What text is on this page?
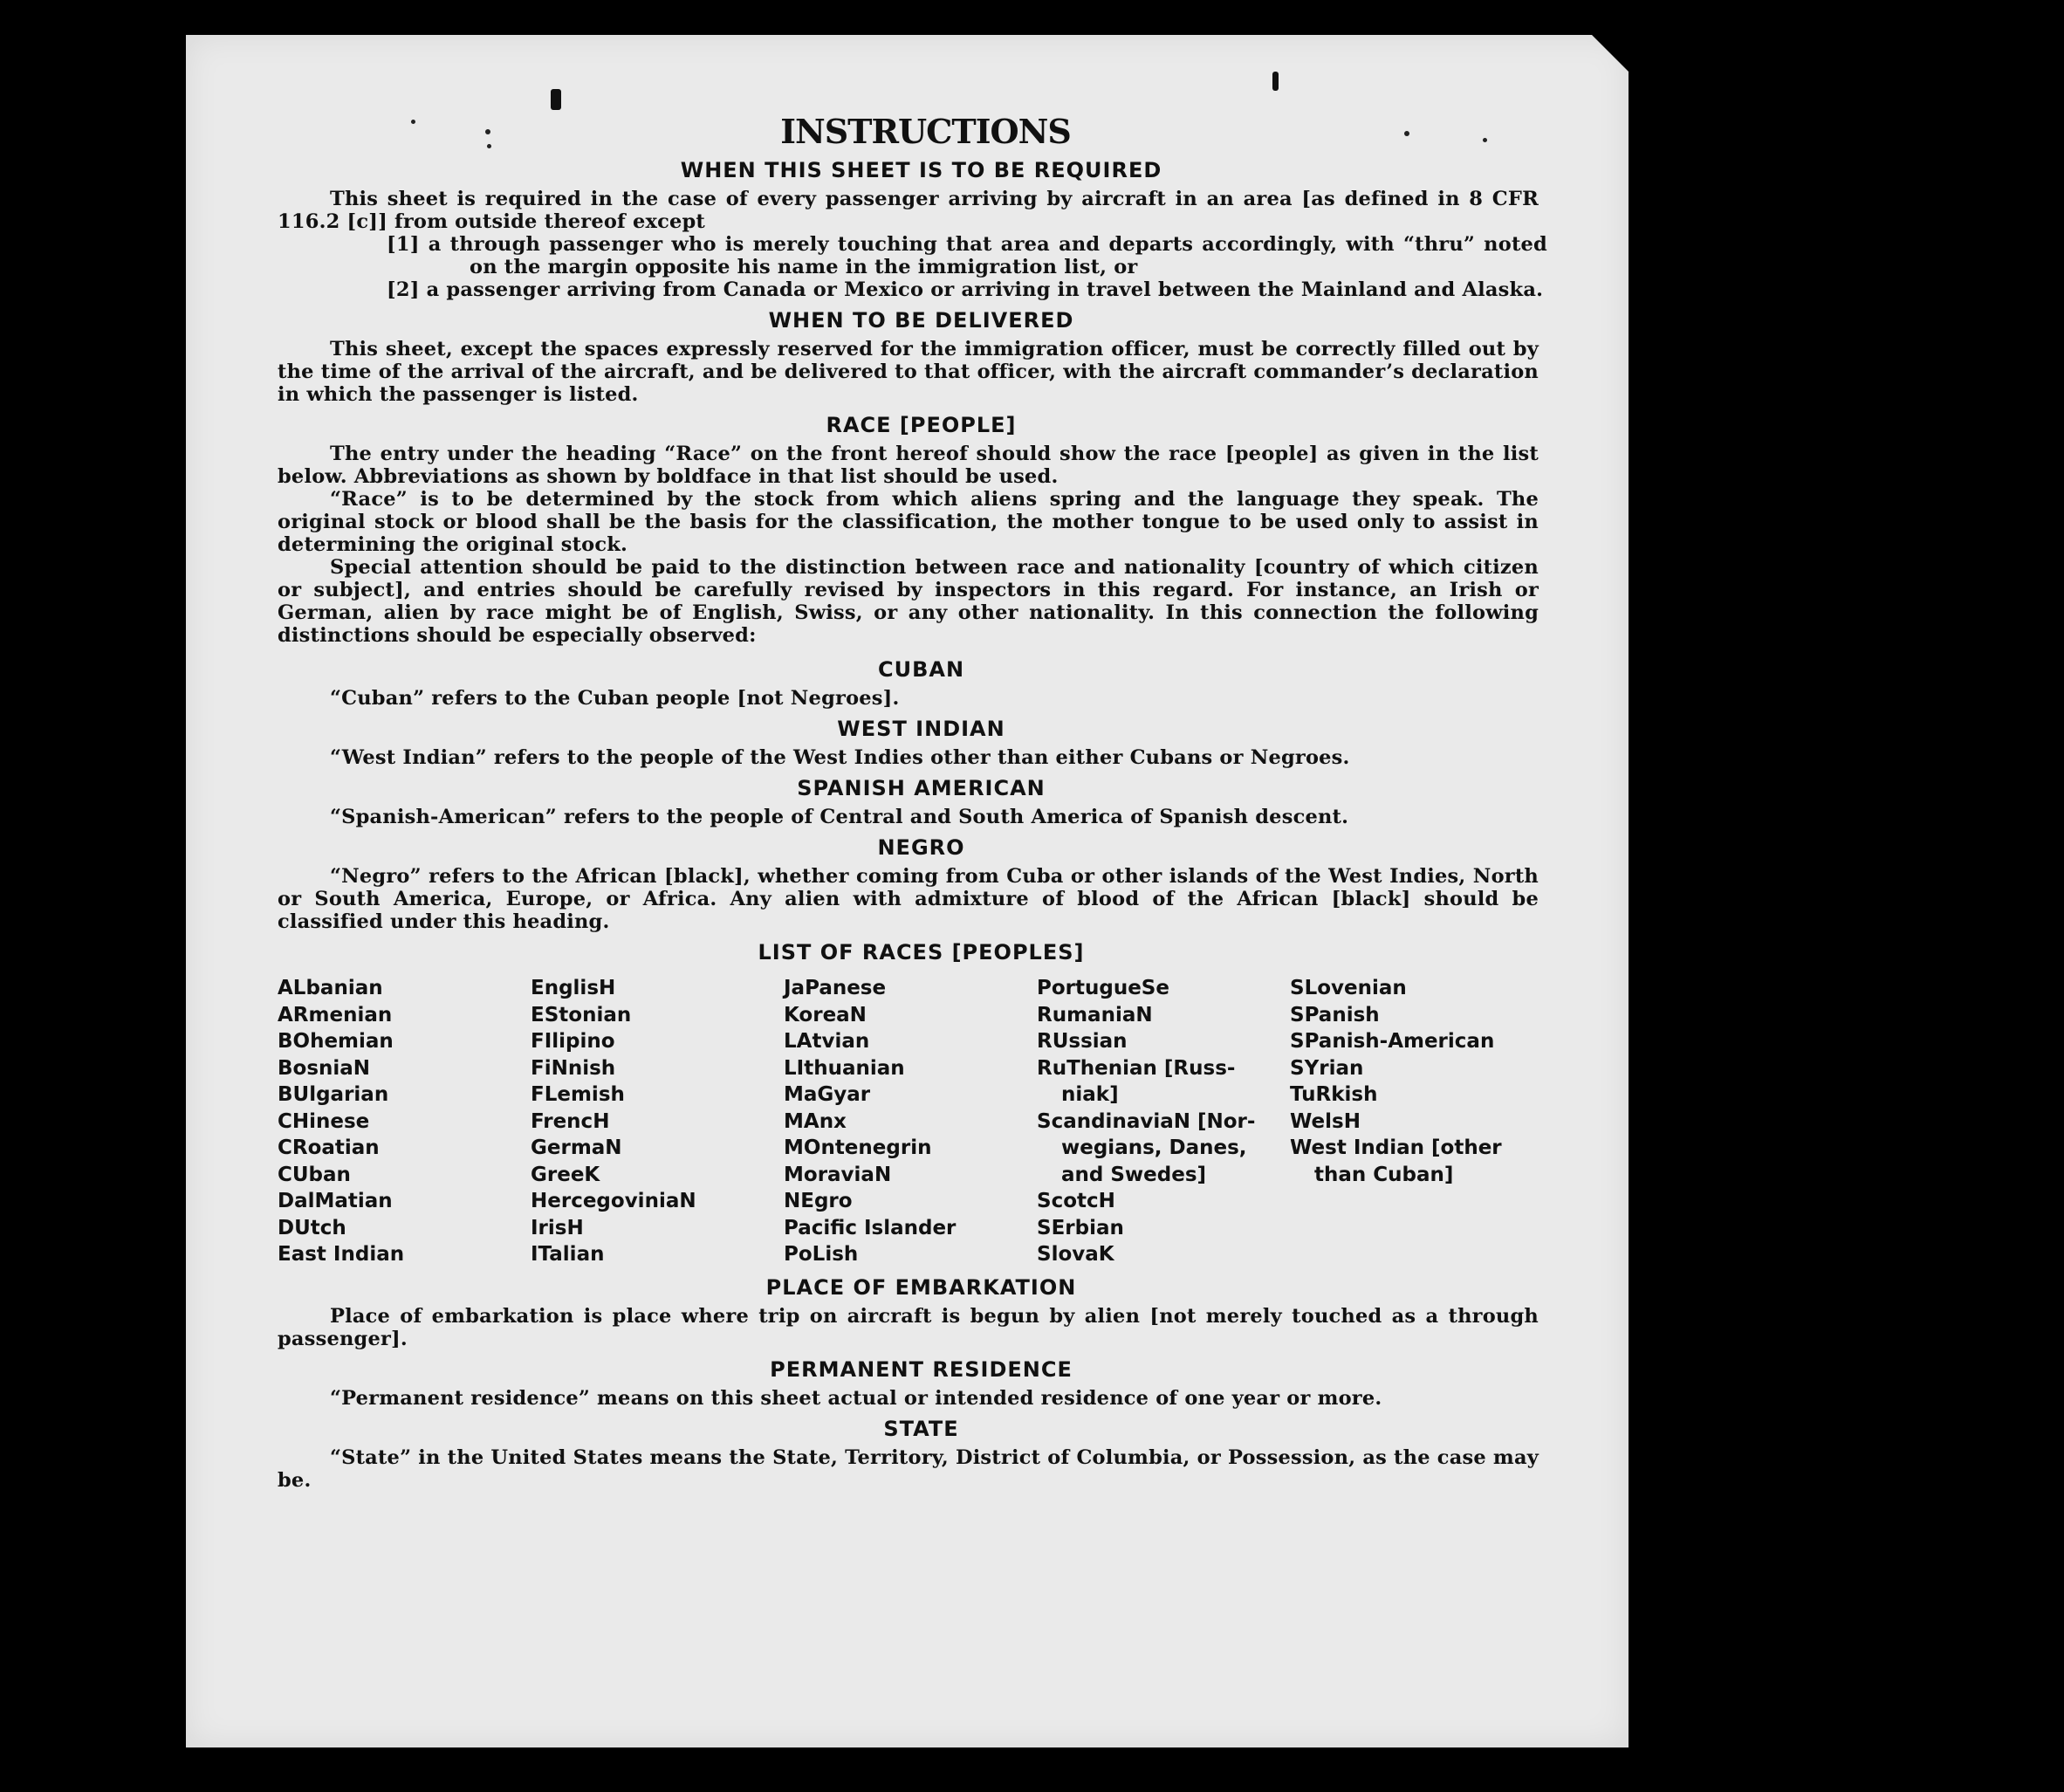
INSTRUCTIONS
WHEN THIS SHEET IS TO BE REQUIRED

This sheet is required in the case of every passenger arriving by aircraft in an area [as defined in 8 CFR 116.2 [c]] from outside thereof except

[1] a through passenger who is merely touching that area and departs accordingly, with “thru” noted on the margin opposite his name in the immigration list, or

[2] a passenger arriving from Canada or Mexico or arriving in travel between the Mainland and Alaska.

WHEN TO BE DELIVERED

This sheet, except the spaces expressly reserved for the immigration officer, must be correctly filled out by the time of the arrival of the aircraft, and be delivered to that officer, with the aircraft commander’s declaration in which the passenger is listed.

RACE [PEOPLE]

The entry under the heading “Race” on the front hereof should show the race [people] as given in the list below. Abbreviations as shown by boldface in that list should be used.

“Race” is to be determined by the stock from which aliens spring and the language they speak. The original stock or blood shall be the basis for the classification, the mother tongue to be used only to assist in determining the original stock.

Special attention should be paid to the distinction between race and nationality [country of which citizen or subject], and entries should be carefully revised by inspectors in this regard. For instance, an Irish or German, alien by race might be of English, Swiss, or any other nationality. In this connection the following distinctions should be especially observed:

CUBAN

“Cuban” refers to the Cuban people [not Negroes].

WEST INDIAN

“West Indian” refers to the people of the West Indies other than either Cubans or Negroes.

SPANISH AMERICAN

“Spanish-American” refers to the people of Central and South America of Spanish descent.

NEGRO

“Negro” refers to the African [black], whether coming from Cuba or other islands of the West Indies, North or South America, Europe, or Africa. Any alien with admixture of blood of the African [black] should be classified under this heading.

LIST OF RACES [PEOPLES]
ALbanian
ARmenian
BOhemian
BosniaN
BUlgarian
CHinese
CRoatian
CUban
DalMatian
DUtch
East Indian
EnglisH
EStonian
FIlipino
FiNnish
FLemish
FrencH
GermaN
GreeK
HercegoviniaN
IrisH
ITalian
JaPanese
KoreaN
LAtvian
LIthuanian
MaGyar
MAnx
MOntenegrin
MoraviaN
NEgro
Pacific Islander
PoLish
PortugueSe
RumaniaN
RUssian
RuThenian [Russ-
niak]
ScandinaviaN [Nor-
wegians, Danes,
and Swedes]
ScotcH
SErbian
SlovaK
SLovenian
SPanish
SPanish-American
SYrian
TuRkish
WelsH
West Indian [other
than Cuban]
PLACE OF EMBARKATION

Place of embarkation is place where trip on aircraft is begun by alien [not merely touched as a through passenger].

PERMANENT RESIDENCE

“Permanent residence” means on this sheet actual or intended residence of one year or more.

STATE

“State” in the United States means the State, Territory, District of Columbia, or Possession, as the case may be.
